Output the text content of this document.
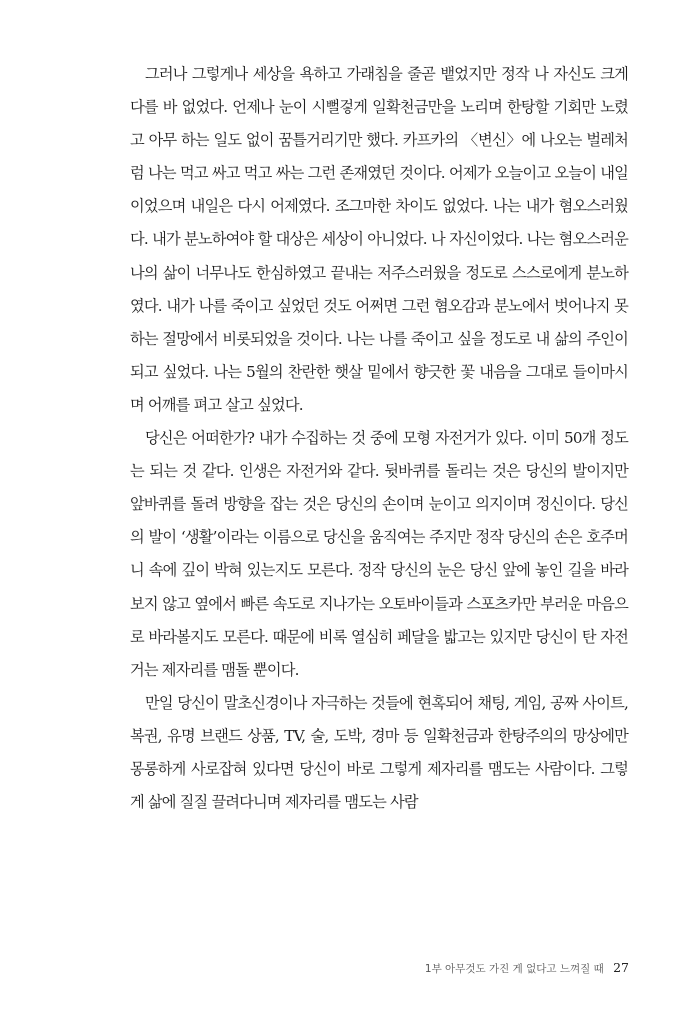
그러나 그렇게나 세상을 욕하고 가래침을 줄곧 뱉었지만 정작 나 자신도 크게 다를 바 없었다. 언제나 눈이 시뻘겋게 일확천금만을 노리며 한탕할 기회만 노렸고 아무 하는 일도 없이 꿈틀거리기만 했다. 카프카의 〈변신〉에 나오는 벌레처럼 나는 먹고 싸고 먹고 싸는 그런 존재였던 것이다. 어제가 오늘이고 오늘이 내일이었으며 내일은 다시 어제였다. 조그마한 차이도 없었다. 나는 내가 혐오스러웠다. 내가 분노하여야 할 대상은 세상이 아니었다. 나 자신이었다. 나는 혐오스러운 나의 삶이 너무나도 한심하였고 끝내는 저주스러웠을 정도로 스스로에게 분노하였다. 내가 나를 죽이고 싶었던 것도 어쩌면 그런 혐오감과 분노에서 벗어나지 못하는 절망에서 비롯되었을 것이다. 나는 나를 죽이고 싶을 정도로 내 삶의 주인이 되고 싶었다. 나는 5월의 찬란한 햇살 밑에서 향긋한 꽃 내음을 그대로 들이마시며 어깨를 펴고 살고 싶었다.

당신은 어떠한가? 내가 수집하는 것 중에 모형 자전거가 있다. 이미 50개 정도는 되는 것 같다. 인생은 자전거와 같다. 뒷바퀴를 돌리는 것은 당신의 발이지만 앞바퀴를 돌려 방향을 잡는 것은 당신의 손이며 눈이고 의지이며 정신이다. 당신의 발이 ‘생활’이라는 이름으로 당신을 움직여는 주지만 정작 당신의 손은 호주머니 속에 깊이 박혀 있는지도 모른다. 정작 당신의 눈은 당신 앞에 놓인 길을 바라보지 않고 옆에서 빠른 속도로 지나가는 오토바이들과 스포츠카만 부러운 마음으로 바라볼지도 모른다. 때문에 비록 열심히 페달을 밟고는 있지만 당신이 탄 자전거는 제자리를 맴돌 뿐이다.

만일 당신이 말초신경이나 자극하는 것들에 현혹되어 채팅, 게임, 공짜 사이트, 복권, 유명 브랜드 상품, TV, 술, 도박, 경마 등 일확천금과 한탕주의의 망상에만 몽롱하게 사로잡혀 있다면 당신이 바로 그렇게 제자리를 맴도는 사람이다. 그렇게 삶에 질질 끌려다니며 제자리를 맴도는 사람

1부 아무것도 가진 게 없다고 느껴질 때 27
